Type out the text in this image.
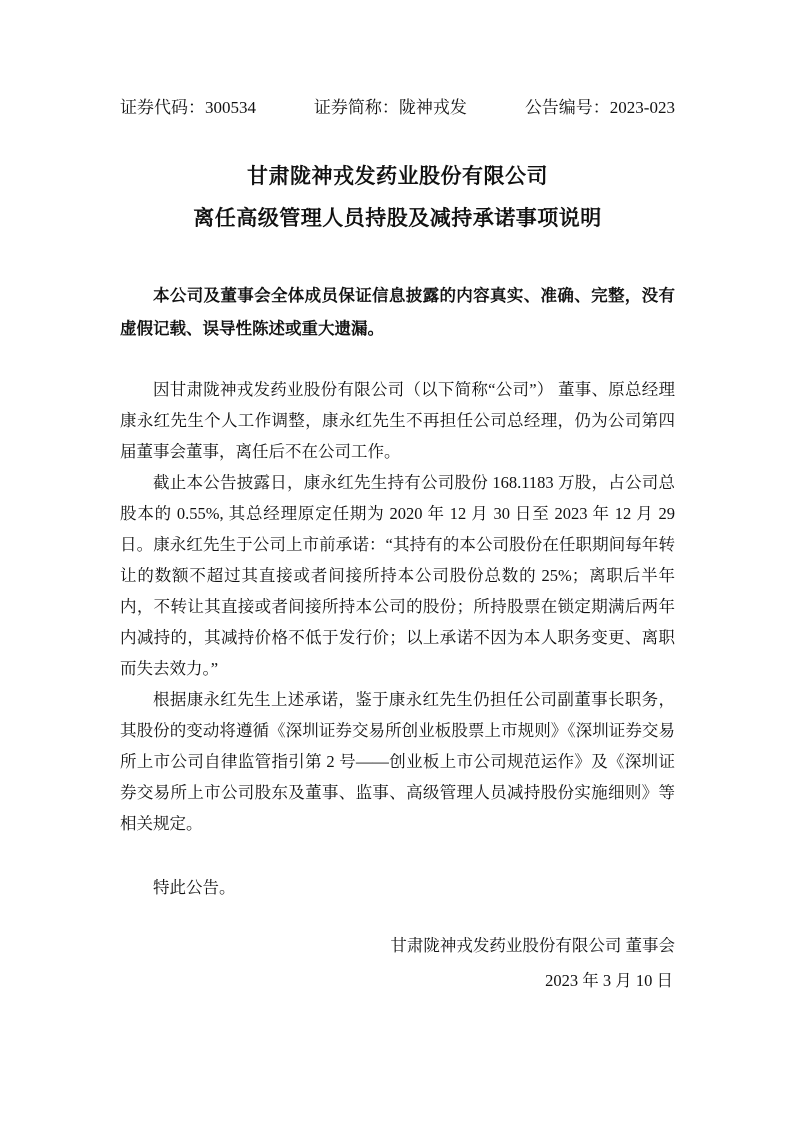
证券代码：300534	证券简称：陇神戎发	公告编号：2023-023
甘肃陇神戎发药业股份有限公司
离任高级管理人员持股及减持承诺事项说明

本公司及董事会全体成员保证信息披露的内容真实、准确、完整，没有虚假记载、误导性陈述或重大遗漏。

因甘肃陇神戎发药业股份有限公司（以下简称“公司”） 董事、原总经理康永红先生个人工作调整，康永红先生不再担任公司总经理，仍为公司第四届董事会董事，离任后不在公司工作。

截止本公告披露日，康永红先生持有公司股份 168.1183 万股，占公司总股本的 0.55%, 其总经理原定任期为 2020 年 12 月 30 日至 2023 年 12 月 29 日。康永红先生于公司上市前承诺：“其持有的本公司股份在任职期间每年转让的数额不超过其直接或者间接所持本公司股份总数的 25%；离职后半年内，不转让其直接或者间接所持本公司的股份；所持股票在锁定期满后两年内减持的，其减持价格不低于发行价；以上承诺不因为本人职务变更、离职而失去效力。”

根据康永红先生上述承诺，鉴于康永红先生仍担任公司副董事长职务，其股份的变动将遵循《深圳证券交易所创业板股票上市规则》《深圳证券交易所上市公司自律监管指引第 2 号——创业板上市公司规范运作》及《深圳证券交易所上市公司股东及董事、监事、高级管理人员减持股份实施细则》等相关规定。

特此公告。

甘肃陇神戎发药业股份有限公司 董事会
2023 年 3 月 10 日
